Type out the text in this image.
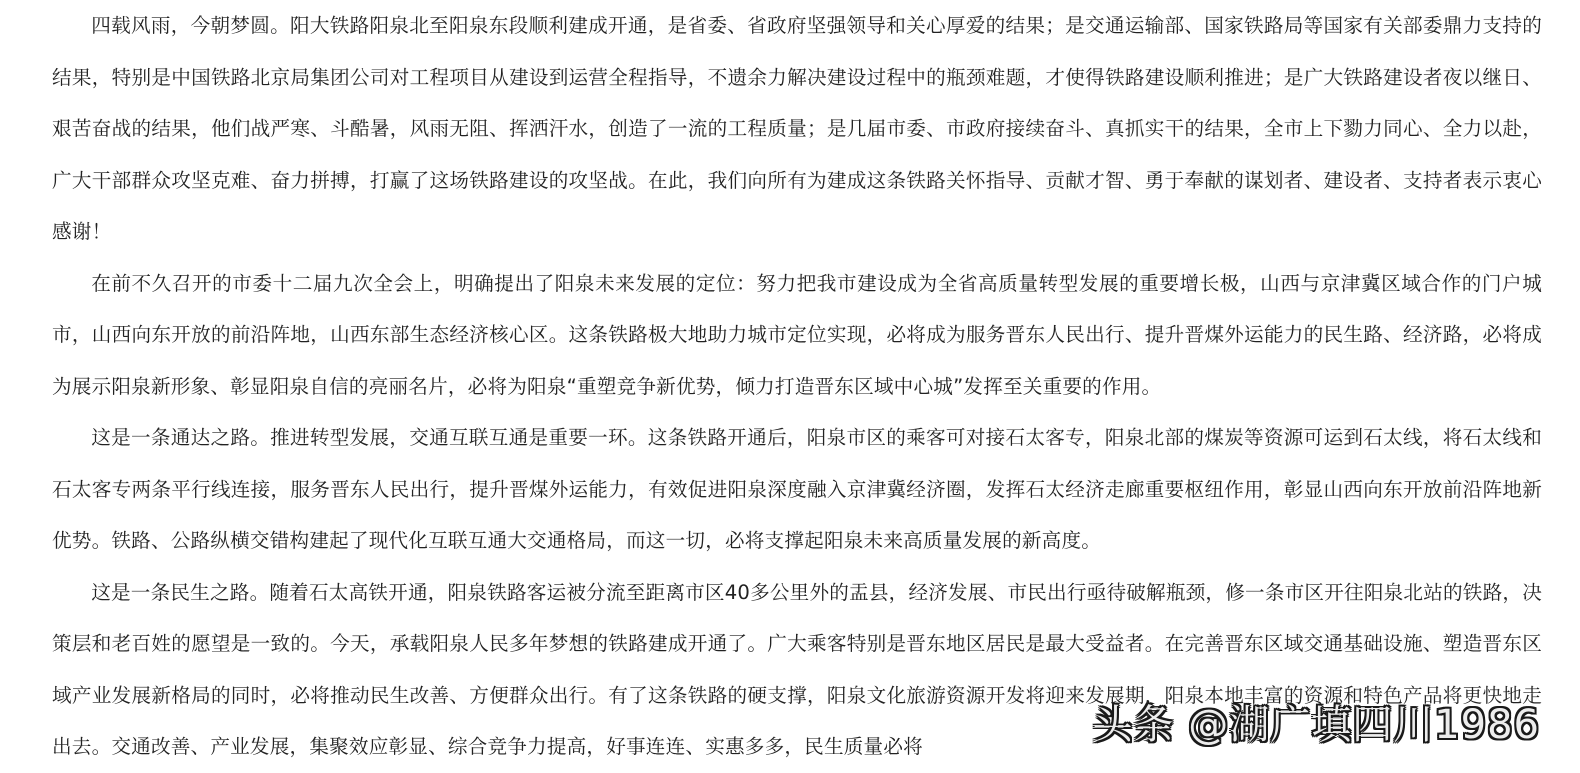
四载风雨，今朝梦圆。阳大铁路阳泉北至阳泉东段顺利建成开通，是省委、省政府坚强领导和关心厚爱的结果；是交通运输部、国家铁路局等国家有关部委鼎力支持的结果，特别是中国铁路北京局集团公司对工程项目从建设到运营全程指导，不遗余力解决建设过程中的瓶颈难题，才使得铁路建设顺利推进；是广大铁路建设者夜以继日、艰苦奋战的结果，他们战严寒、斗酷暑，风雨无阻、挥洒汗水，创造了一流的工程质量；是几届市委、市政府接续奋斗、真抓实干的结果，全市上下勠力同心、全力以赴，广大干部群众攻坚克难、奋力拼搏，打赢了这场铁路建设的攻坚战。在此，我们向所有为建成这条铁路关怀指导、贡献才智、勇于奉献的谋划者、建设者、支持者表示衷心感谢！

在前不久召开的市委十二届九次全会上，明确提出了阳泉未来发展的定位：努力把我市建设成为全省高质量转型发展的重要增长极，山西与京津冀区域合作的门户城市，山西向东开放的前沿阵地，山西东部生态经济核心区。这条铁路极大地助力城市定位实现，必将成为服务晋东人民出行、提升晋煤外运能力的民生路、经济路，必将成为展示阳泉新形象、彰显阳泉自信的亮丽名片，必将为阳泉“重塑竞争新优势，倾力打造晋东区域中心城”发挥至关重要的作用。

这是一条通达之路。推进转型发展，交通互联互通是重要一环。这条铁路开通后，阳泉市区的乘客可对接石太客专，阳泉北部的煤炭等资源可运到石太线，将石太线和石太客专两条平行线连接，服务晋东人民出行，提升晋煤外运能力，有效促进阳泉深度融入京津冀经济圈，发挥石太经济走廊重要枢纽作用，彰显山西向东开放前沿阵地新优势。铁路、公路纵横交错构建起了现代化互联互通大交通格局，而这一切，必将支撑起阳泉未来高质量发展的新高度。

这是一条民生之路。随着石太高铁开通，阳泉铁路客运被分流至距离市区40多公里外的盂县，经济发展、市民出行亟待破解瓶颈，修一条市区开往阳泉北站的铁路，决策层和老百姓的愿望是一致的。今天，承载阳泉人民多年梦想的铁路建成开通了。广大乘客特别是晋东地区居民是最大受益者。在完善晋东区域交通基础设施、塑造晋东区域产业发展新格局的同时，必将推动民生改善、方便群众出行。有了这条铁路的硬支撑，阳泉文化旅游资源开发将迎来发展期，阳泉本地丰富的资源和特色产品将更快地走出去。交通改善、产业发展，集聚效应彰显、综合竞争力提高，好事连连、实惠多多，民生质量必将	头条 @湖广填四川1986
